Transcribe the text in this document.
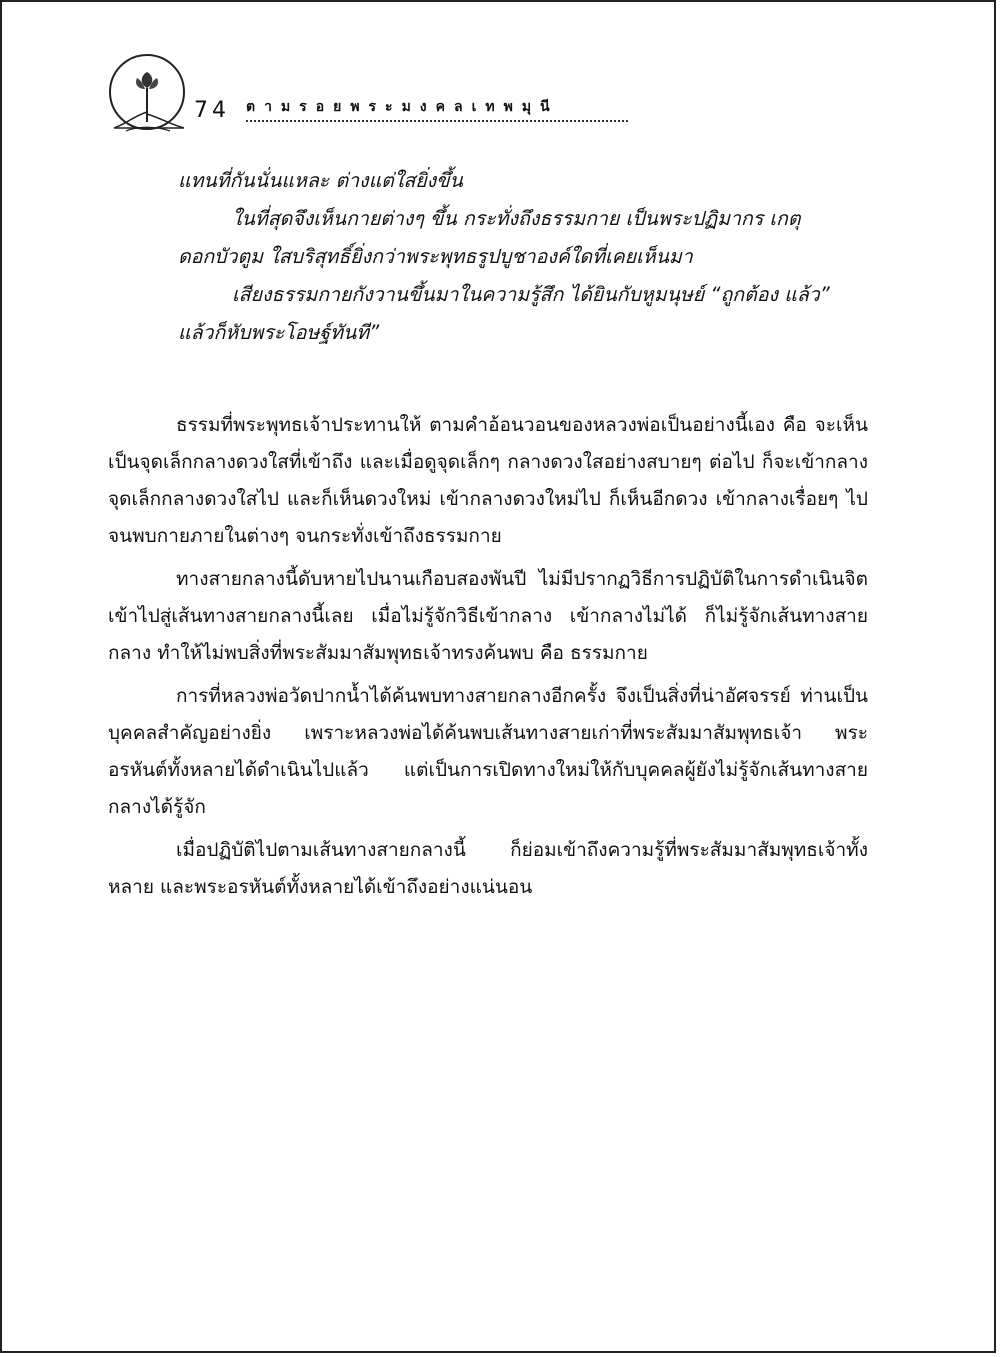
74 ตามรอยพระมงคลเทพมุนี

แทนที่กันนั่นแหละ ต่างแต่ใสยิ่งขึ้น

ในที่สุดจึงเห็นกายต่างๆ ขึ้น กระทั่งถึงธรรมกาย เป็นพระปฏิมากร เกตุดอกบัวตูม ใสบริสุทธิ์ยิ่งกว่าพระพุทธรูปบูชาองค์ใดที่เคยเห็นมา

เสียงธรรมกายกังวานขึ้นมาในความรู้สึก ได้ยินกับหูมนุษย์ “ถูกต้อง แล้ว” แล้วก็หับพระโอษฐ์ทันที”

ธรรมที่พระพุทธเจ้าประทานให้ ตามคำอ้อนวอนของหลวงพ่อเป็นอย่างนี้เอง คือ จะเห็นเป็นจุดเล็กกลางดวงใสที่เข้าถึง และเมื่อดูจุดเล็กๆ กลางดวงใสอย่างสบายๆ ต่อไป ก็จะเข้ากลางจุดเล็กกลางดวงใสไป และก็เห็นดวงใหม่ เข้ากลางดวงใหม่ไป ก็เห็นอีกดวง เข้ากลางเรื่อยๆ ไป จนพบกายภายในต่างๆ จนกระทั่งเข้าถึงธรรมกาย

ทางสายกลางนี้ดับหายไปนานเกือบสองพันปี ไม่มีปรากฏวิธีการปฏิบัติในการดำเนินจิตเข้าไปสู่เส้นทางสายกลางนี้เลย เมื่อไม่รู้จักวิธีเข้ากลาง เข้ากลางไม่ได้ ก็ไม่รู้จักเส้นทางสายกลาง ทำให้ไม่พบสิ่งที่พระสัมมาสัมพุทธเจ้าทรงค้นพบ คือ ธรรมกาย

การที่หลวงพ่อวัดปากน้ำได้ค้นพบทางสายกลางอีกครั้ง จึงเป็นสิ่งที่น่าอัศจรรย์ ท่านเป็นบุคคลสำคัญอย่างยิ่ง เพราะหลวงพ่อได้ค้นพบเส้นทางสายเก่าที่พระสัมมาสัมพุทธเจ้า พระอรหันต์ทั้งหลายได้ดำเนินไปแล้ว แต่เป็นการเปิดทางใหม่ให้กับบุคคลผู้ยังไม่รู้จักเส้นทางสายกลางได้รู้จัก

เมื่อปฏิบัติไปตามเส้นทางสายกลางนี้ ก็ย่อมเข้าถึงความรู้ที่พระสัมมาสัมพุทธเจ้าทั้งหลาย และพระอรหันต์ทั้งหลายได้เข้าถึงอย่างแน่นอน
